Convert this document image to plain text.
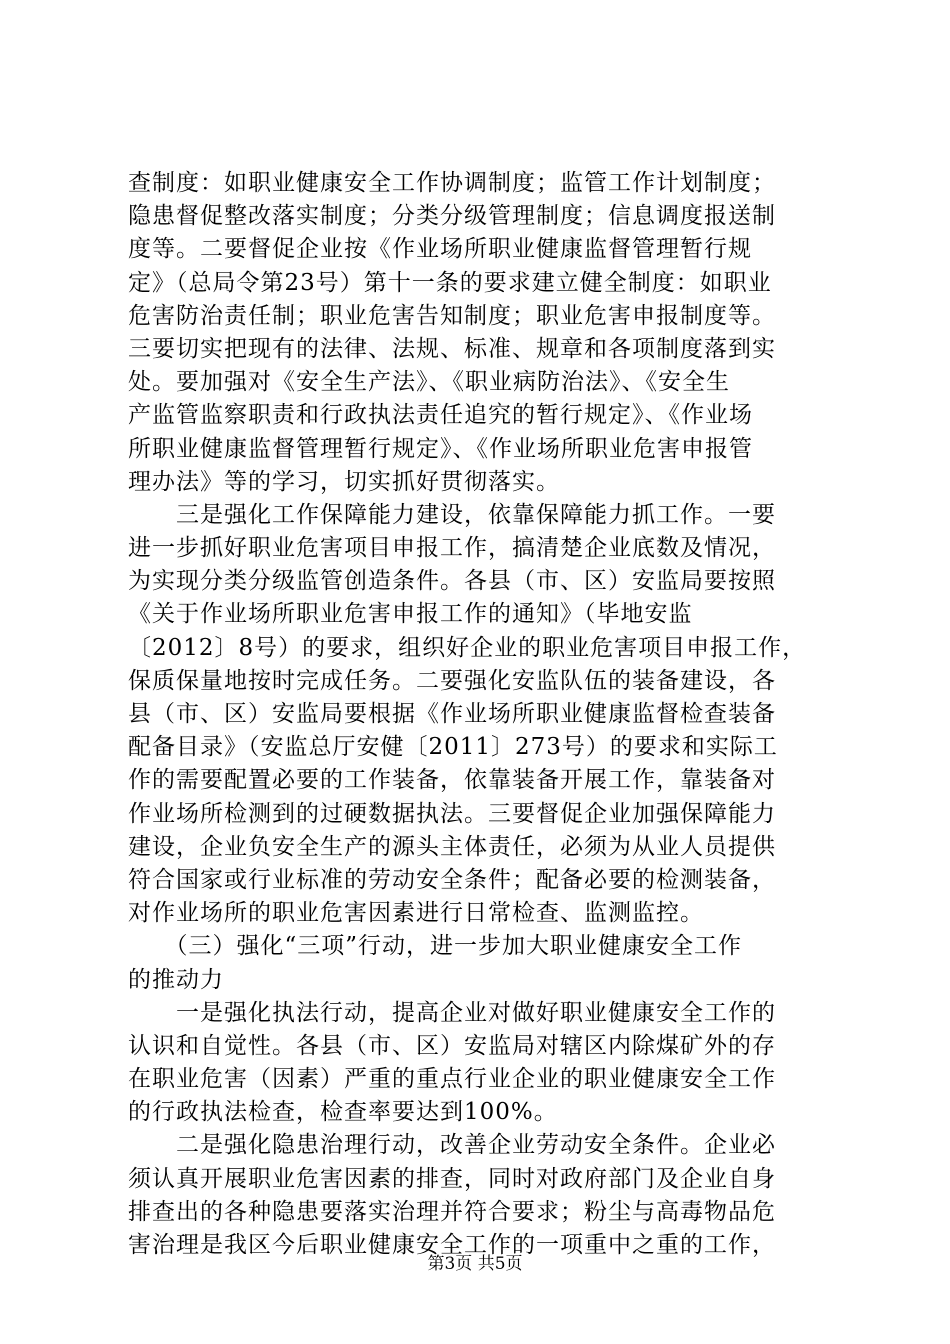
查制度：如职业健康安全工作协调制度；监管工作计划制度；
隐患督促整改落实制度；分类分级管理制度；信息调度报送制
度等。二要督促企业按《作业场所职业健康监督管理暂行规
定》（总局令第23号）第十一条的要求建立健全制度：如职业
危害防治责任制；职业危害告知制度；职业危害申报制度等。
三要切实把现有的法律、法规、标准、规章和各项制度落到实
处。要加强对《安全生产法》、《职业病防治法》、《安全生
产监管监察职责和行政执法责任追究的暂行规定》、《作业场
所职业健康监督管理暂行规定》、《作业场所职业危害申报管
理办法》等的学习，切实抓好贯彻落实。
　　三是强化工作保障能力建设，依靠保障能力抓工作。一要
进一步抓好职业危害项目申报工作，搞清楚企业底数及情况，
为实现分类分级监管创造条件。各县（市、区）安监局要按照
《关于作业场所职业危害申报工作的通知》（毕地安监
〔2012〕8号）的要求，组织好企业的职业危害项目申报工作，
保质保量地按时完成任务。二要强化安监队伍的装备建设，各
县（市、区）安监局要根据《作业场所职业健康监督检查装备
配备目录》（安监总厅安健〔2011〕273号）的要求和实际工
作的需要配置必要的工作装备，依靠装备开展工作，靠装备对
作业场所检测到的过硬数据执法。三要督促企业加强保障能力
建设，企业负安全生产的源头主体责任，必须为从业人员提供
符合国家或行业标准的劳动安全条件；配备必要的检测装备，
对作业场所的职业危害因素进行日常检查、监测监控。
　　（三）强化“三项”行动，进一步加大职业健康安全工作
的推动力
　　一是强化执法行动，提高企业对做好职业健康安全工作的
认识和自觉性。各县（市、区）安监局对辖区内除煤矿外的存
在职业危害（因素）严重的重点行业企业的职业健康安全工作
的行政执法检查，检查率要达到100%。
　　二是强化隐患治理行动，改善企业劳动安全条件。企业必
须认真开展职业危害因素的排查，同时对政府部门及企业自身
排查出的各种隐患要落实治理并符合要求；粉尘与高毒物品危
害治理是我区今后职业健康安全工作的一项重中之重的工作，
第3页 共5页
